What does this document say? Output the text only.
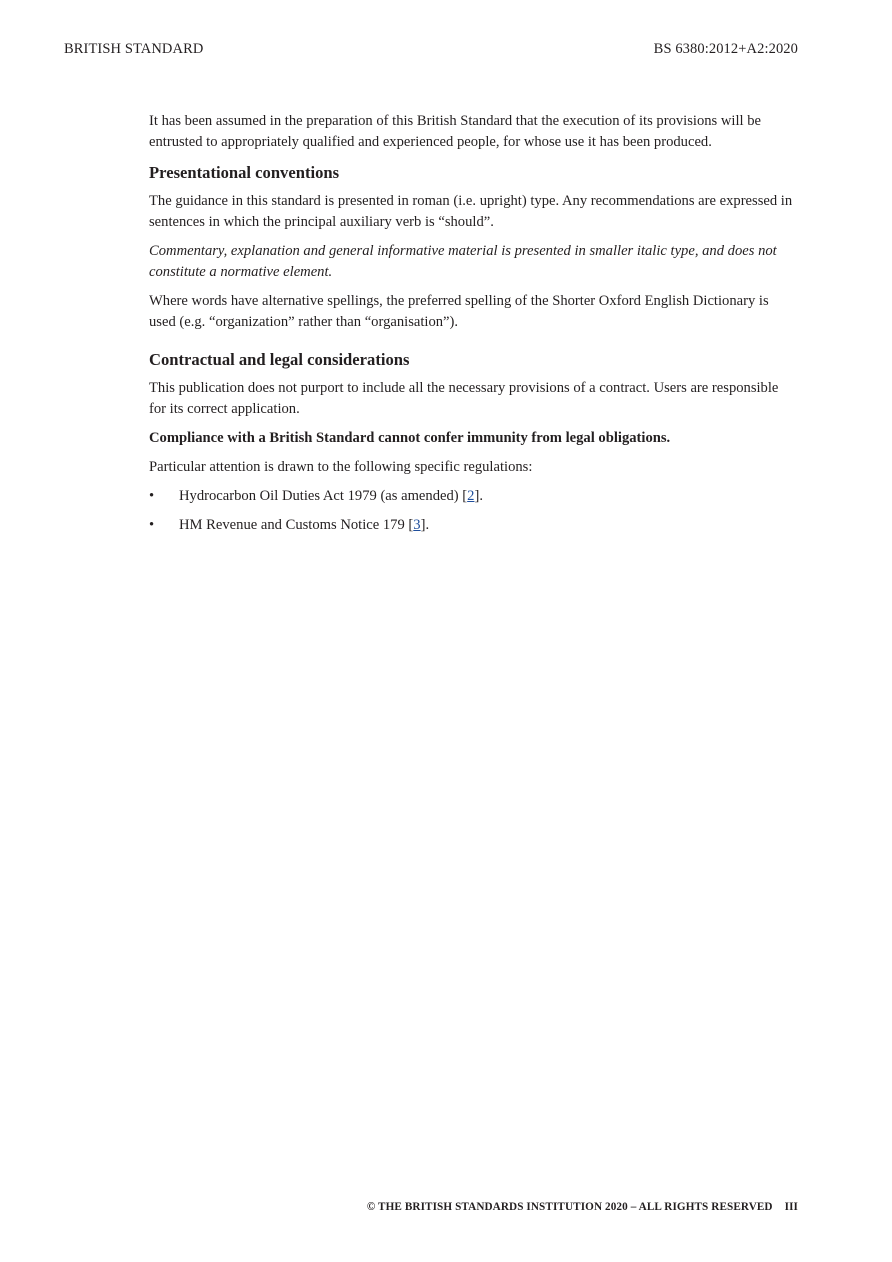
BRITISH STANDARD	BS 6380:2012+A2:2020

It has been assumed in the preparation of this British Standard that the execution of its provisions will be entrusted to appropriately qualified and experienced people, for whose use it has been produced.

Presentational conventions

The guidance in this standard is presented in roman (i.e. upright) type. Any recommendations are expressed in sentences in which the principal auxiliary verb is “should”.

Commentary, explanation and general informative material is presented in smaller italic type, and does not constitute a normative element.

Where words have alternative spellings, the preferred spelling of the Shorter Oxford English Dictionary is used (e.g. “organization” rather than “organisation”).

Contractual and legal considerations

This publication does not purport to include all the necessary provisions of a contract. Users are responsible for its correct application.

Compliance with a British Standard cannot confer immunity from legal obligations.

Particular attention is drawn to the following specific regulations:

• Hydrocarbon Oil Duties Act 1979 (as amended) [2].
• HM Revenue and Customs Notice 179 [3].
© THE BRITISH STANDARDS INSTITUTION 2020 – ALL RIGHTS RESERVED III
